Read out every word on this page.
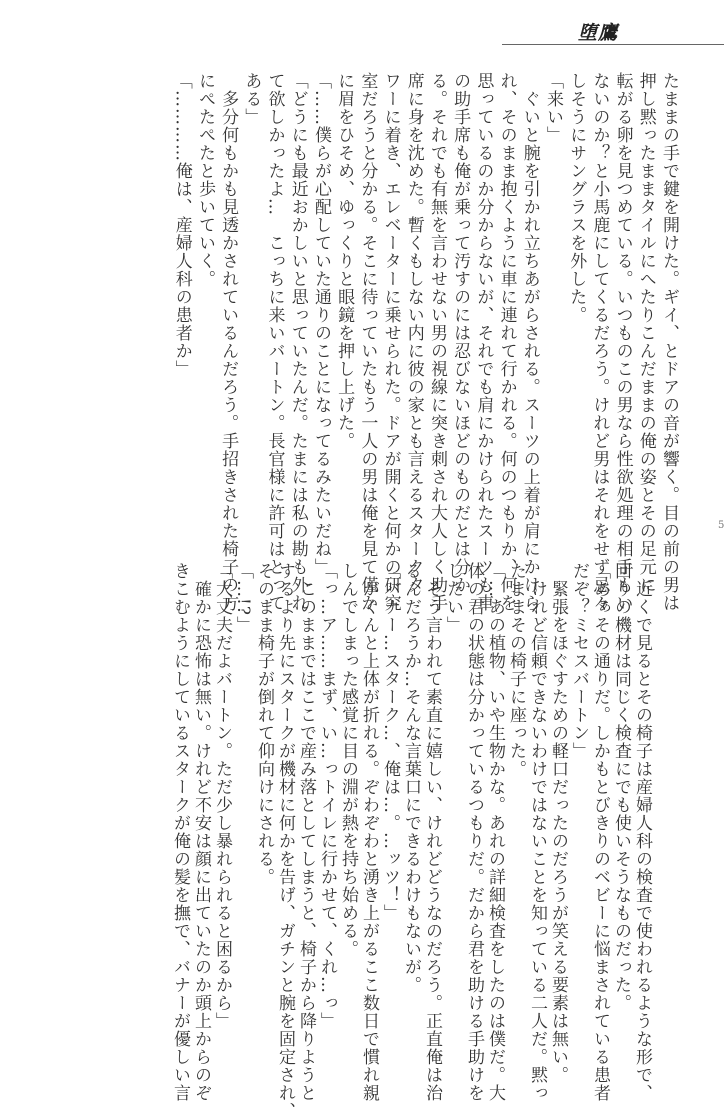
堕鷹
5
たままの手で鍵を開けた。ギイ、とドアの音が響く。目の前の男は
押し黙ったままタイルにへたりこんだままの俺の姿とその足元に
転がる卵を見つめている。いつものこの男なら性欲処理の相手もい
ないのか？と小馬鹿にしてくるだろう。けれど男はそれをせず忌々
しそうにサングラスを外した。
「来い」
　ぐいと腕を引かれ立ちあがらされる。スーツの上着が肩にかけら
れ、そのまま抱くように車に連れて行かれる。何のつもりか、何を
思っているのか分からないが、それでも肩にかけられたスーツも車
の助手席も俺が乗って汚すのには忍びないほどのものだとは分か
る。それでも有無を言わせない男の視線に突き刺され大人しく助手
席に身を沈めた。暫くもしない内に彼の家とも言えるスタークタ
ワーに着き、エレベーターに乗せられた。ドアが開くと何かの研究
室だろうと分かる。そこに待っていたもう一人の男は俺を見て僅か
に眉をひそめ、ゆっくりと眼鏡を押し上げた。
「……僕らが心配していた通りのことになってるみたいだね」
「どうにも最近おかしいと思っていたんだ。たまには私の勘も外れ
て欲しかったよ…　こっちに来いバートン。長官様に許可はとって
ある」
　多分何もかも見透かされているんだろう。手招きされた椅子の方
にぺたぺたと歩いていく。
「…………俺は、産婦人科の患者か」
　近くで見るとその椅子は産婦人科の検査で使われるような形で、
回りの機材は同じく検査にでも使いそうなものだった。
「あぁその通りだ。しかもとびきりのベビーに悩まされている患者
だぞ？ミセスバートン」
　緊張をほぐすための軽口だったのだろうが笑える要素は無い。
　けれど信頼できないわけではないことを知っている二人だ。黙っ
たままその椅子に座った。
「…あの植物、いや生物かな。あれの詳細検査をしたのは僕だ。大
体の君の状態は分かっているつもりだ。だから君を助ける手助けを
したい」
　そう言われて素直に嬉しい、けれどどうなのだろう。正直俺は治
るんだろうか…そんな言葉口にできるわけもないが。
「バナー…スターク…、俺は…。…ッツ！」
　がくんと上体が折れる。ぞわぞわと湧き上がるここ数日で慣れ親
しんでしまった感覚に目の淵が熱を持ち始める。
「っ…ア……まず、い…っトイレに行かせて、くれ…っ」
　このままではここで産み落としてしまうと、椅子から降りようと
するより先にスタークが機材に何かを告げ、ガチンと腕を固定され、
そのまま椅子が倒れて仰向けにされる。
「…!?」
「大丈夫だよバートン。ただ少し暴れられると困るから」
　確かに恐怖は無い。けれど不安は顔に出ていたのか頭上からのぞ
きこむようにしているスタークが俺の髪を撫で、バナーが優しい言
